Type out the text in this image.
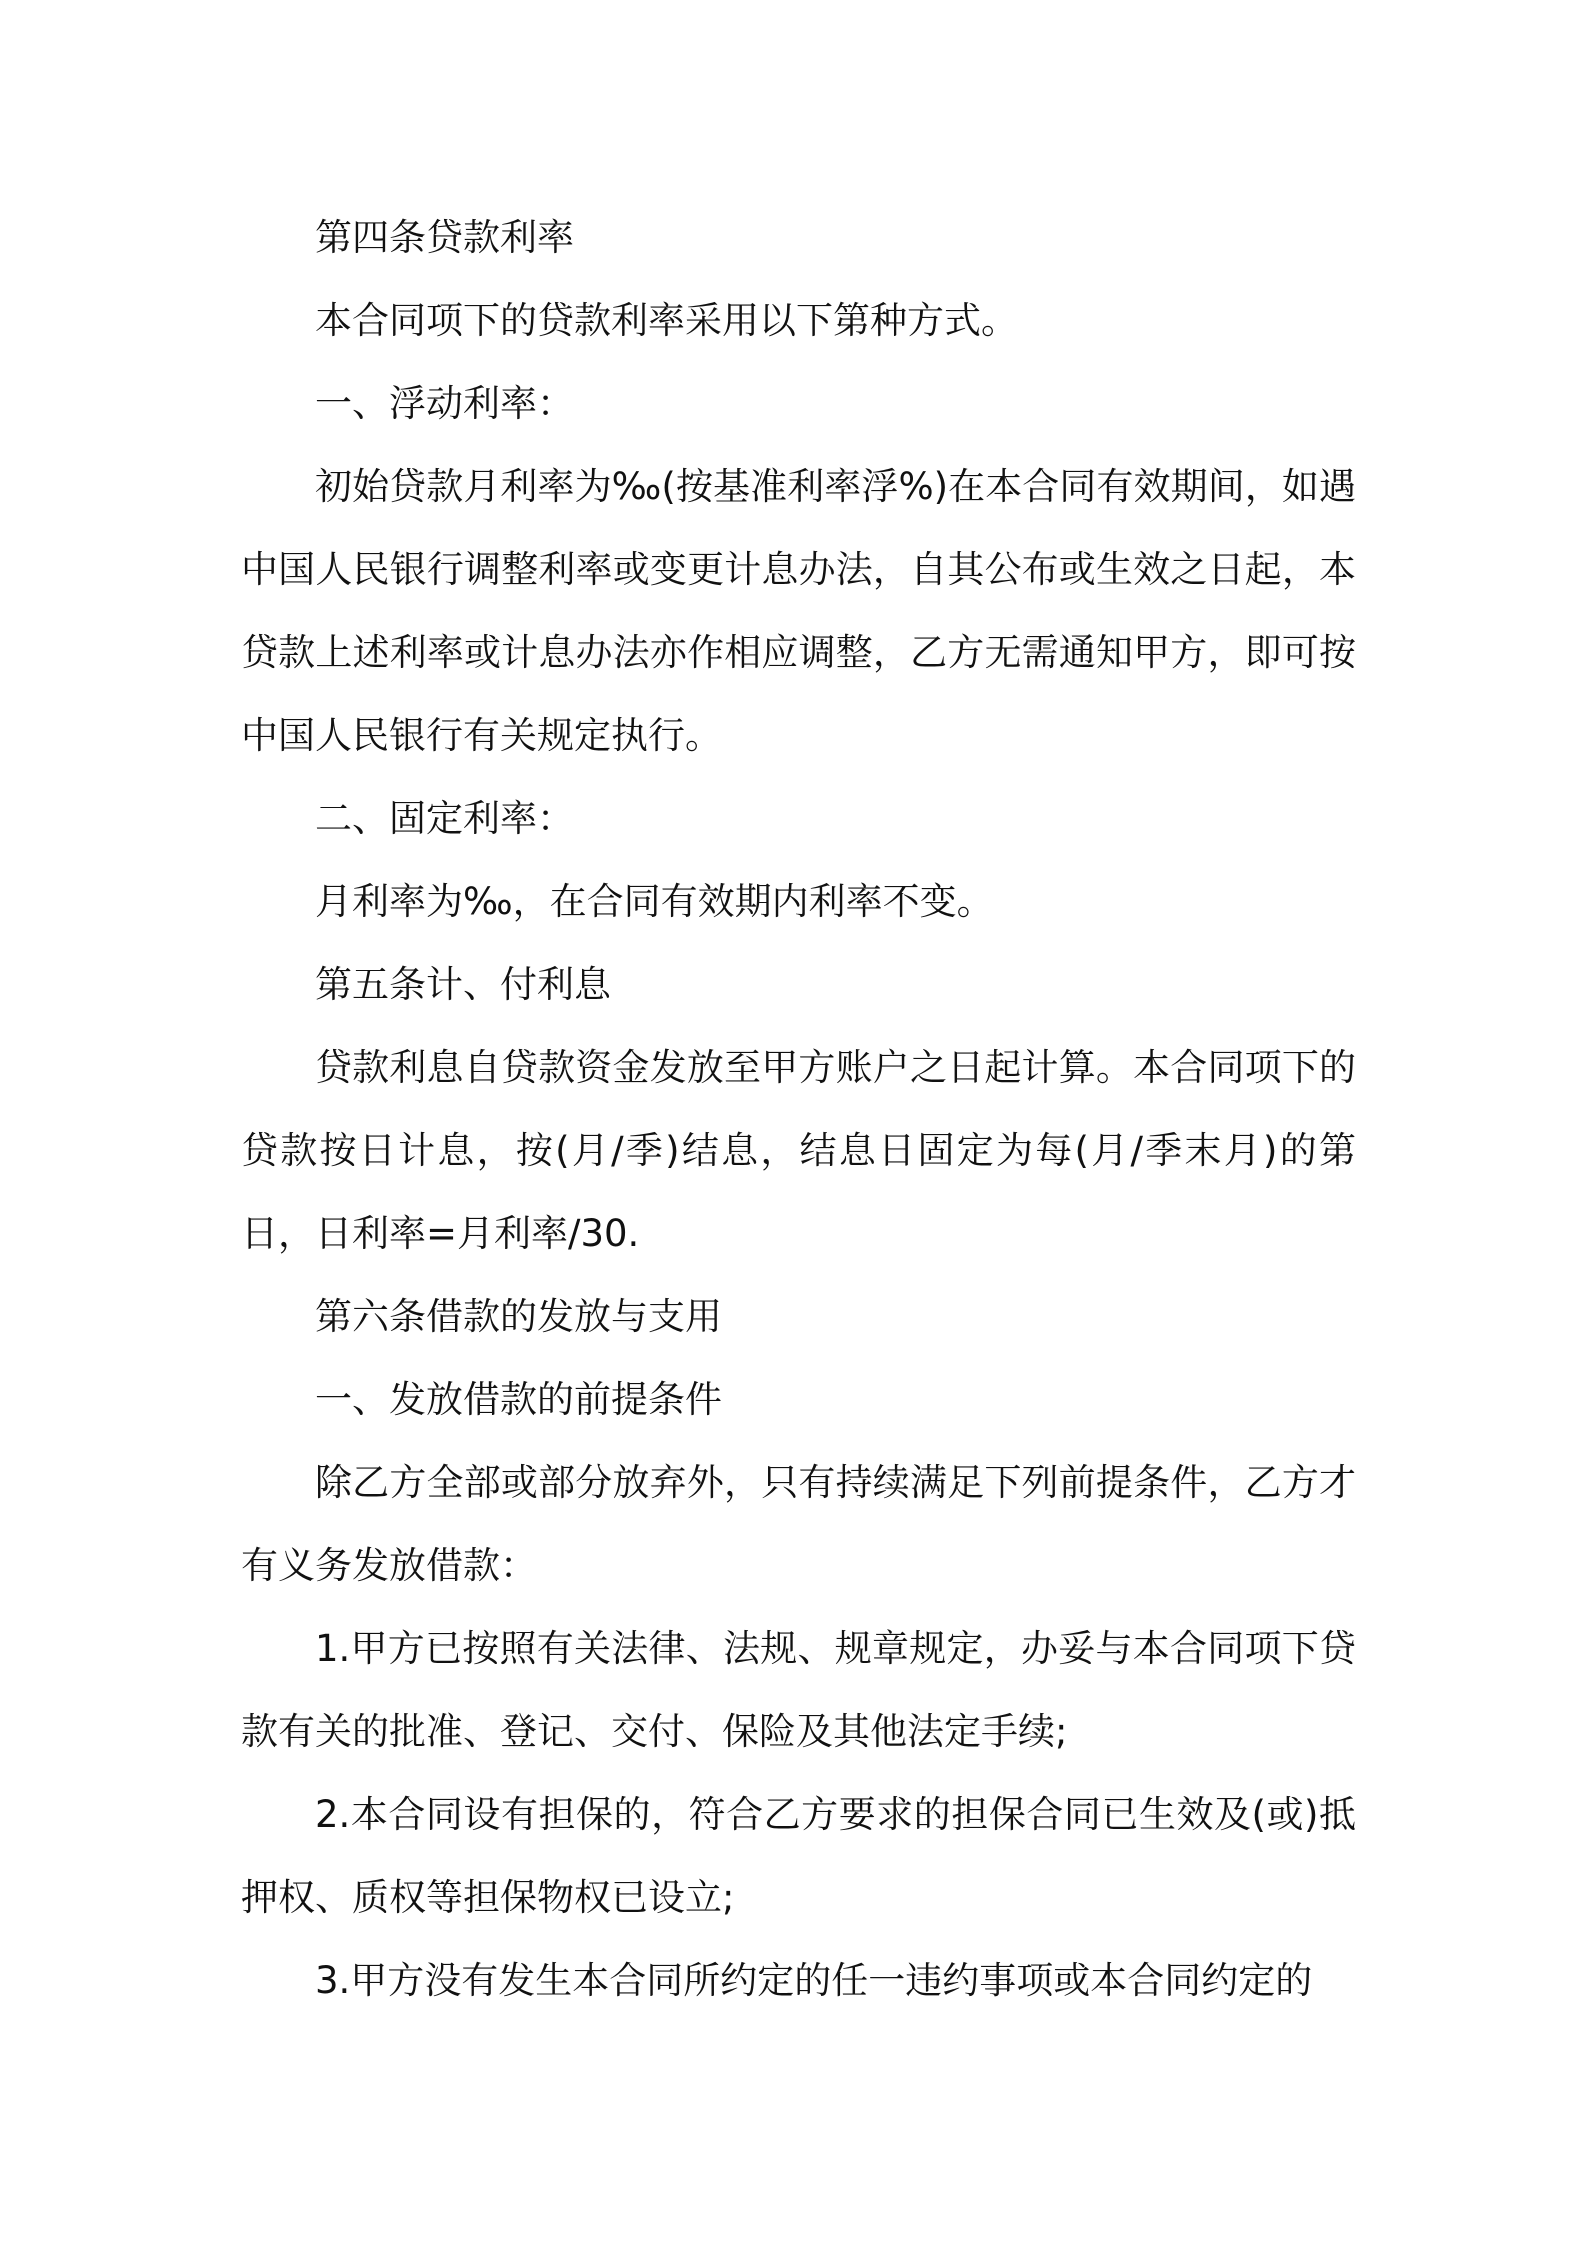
第四条贷款利率

本合同项下的贷款利率采用以下第种方式。

一、浮动利率：

初始贷款月利率为‰(按基准利率浮%)在本合同有效期间，如遇中国人民银行调整利率或变更计息办法，自其公布或生效之日起，本贷款上述利率或计息办法亦作相应调整，乙方无需通知甲方，即可按中国人民银行有关规定执行。

二、固定利率：

月利率为‰，在合同有效期内利率不变。

第五条计、付利息

贷款利息自贷款资金发放至甲方账户之日起计算。本合同项下的贷款按日计息，按(月/季)结息，结息日固定为每(月/季末月)的第日，日利率=月利率/30.

第六条借款的发放与支用

一、发放借款的前提条件

除乙方全部或部分放弃外，只有持续满足下列前提条件，乙方才有义务发放借款：

1.甲方已按照有关法律、法规、规章规定，办妥与本合同项下贷款有关的批准、登记、交付、保险及其他法定手续;

2.本合同设有担保的，符合乙方要求的担保合同已生效及(或)抵押权、质权等担保物权已设立;

3.甲方没有发生本合同所约定的任一违约事项或本合同约定的
